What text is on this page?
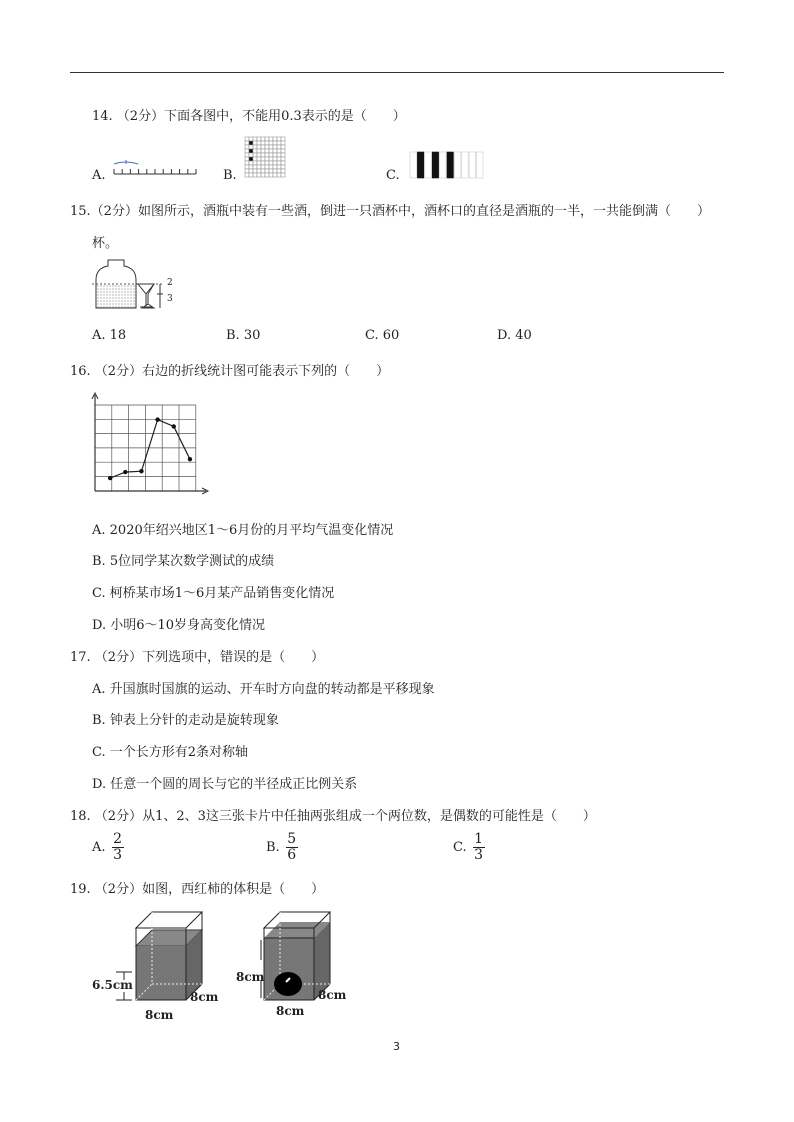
14. （2分）下面各图中，不能用0.3表示的是（　　）
A.	B.	C.
15.（2分）如图所示，酒瓶中装有一些酒，倒进一只酒杯中，酒杯口的直径是酒瓶的一半，一共能倒满（　　）
杯。
2
3
A. 18	B. 30	C. 60	D. 40
16. （2分）右边的折线统计图可能表示下列的（　　）
A. 2020年绍兴地区1～6月份的月平均气温变化情况
B. 5位同学某次数学测试的成绩
C. 柯桥某市场1～6月某产品销售变化情况
D. 小明6～10岁身高变化情况
17. （2分）下列选项中，错误的是（　　）
A. 升国旗时国旗的运动、开车时方向盘的转动都是平移现象
B. 钟表上分针的走动是旋转现象
C. 一个长方形有2条对称轴
D. 任意一个圆的周长与它的半径成正比例关系
18. （2分）从1、2、3这三张卡片中任抽两张组成一个两位数，是偶数的可能性是（　　）
A. $\frac{2}{3}$	B. $\frac{5}{6}$	C. $\frac{1}{3}$
19. （2分）如图，西红柿的体积是（　　）
6.5cm
8cm
8cm
8cm
8cm
8cm
3
